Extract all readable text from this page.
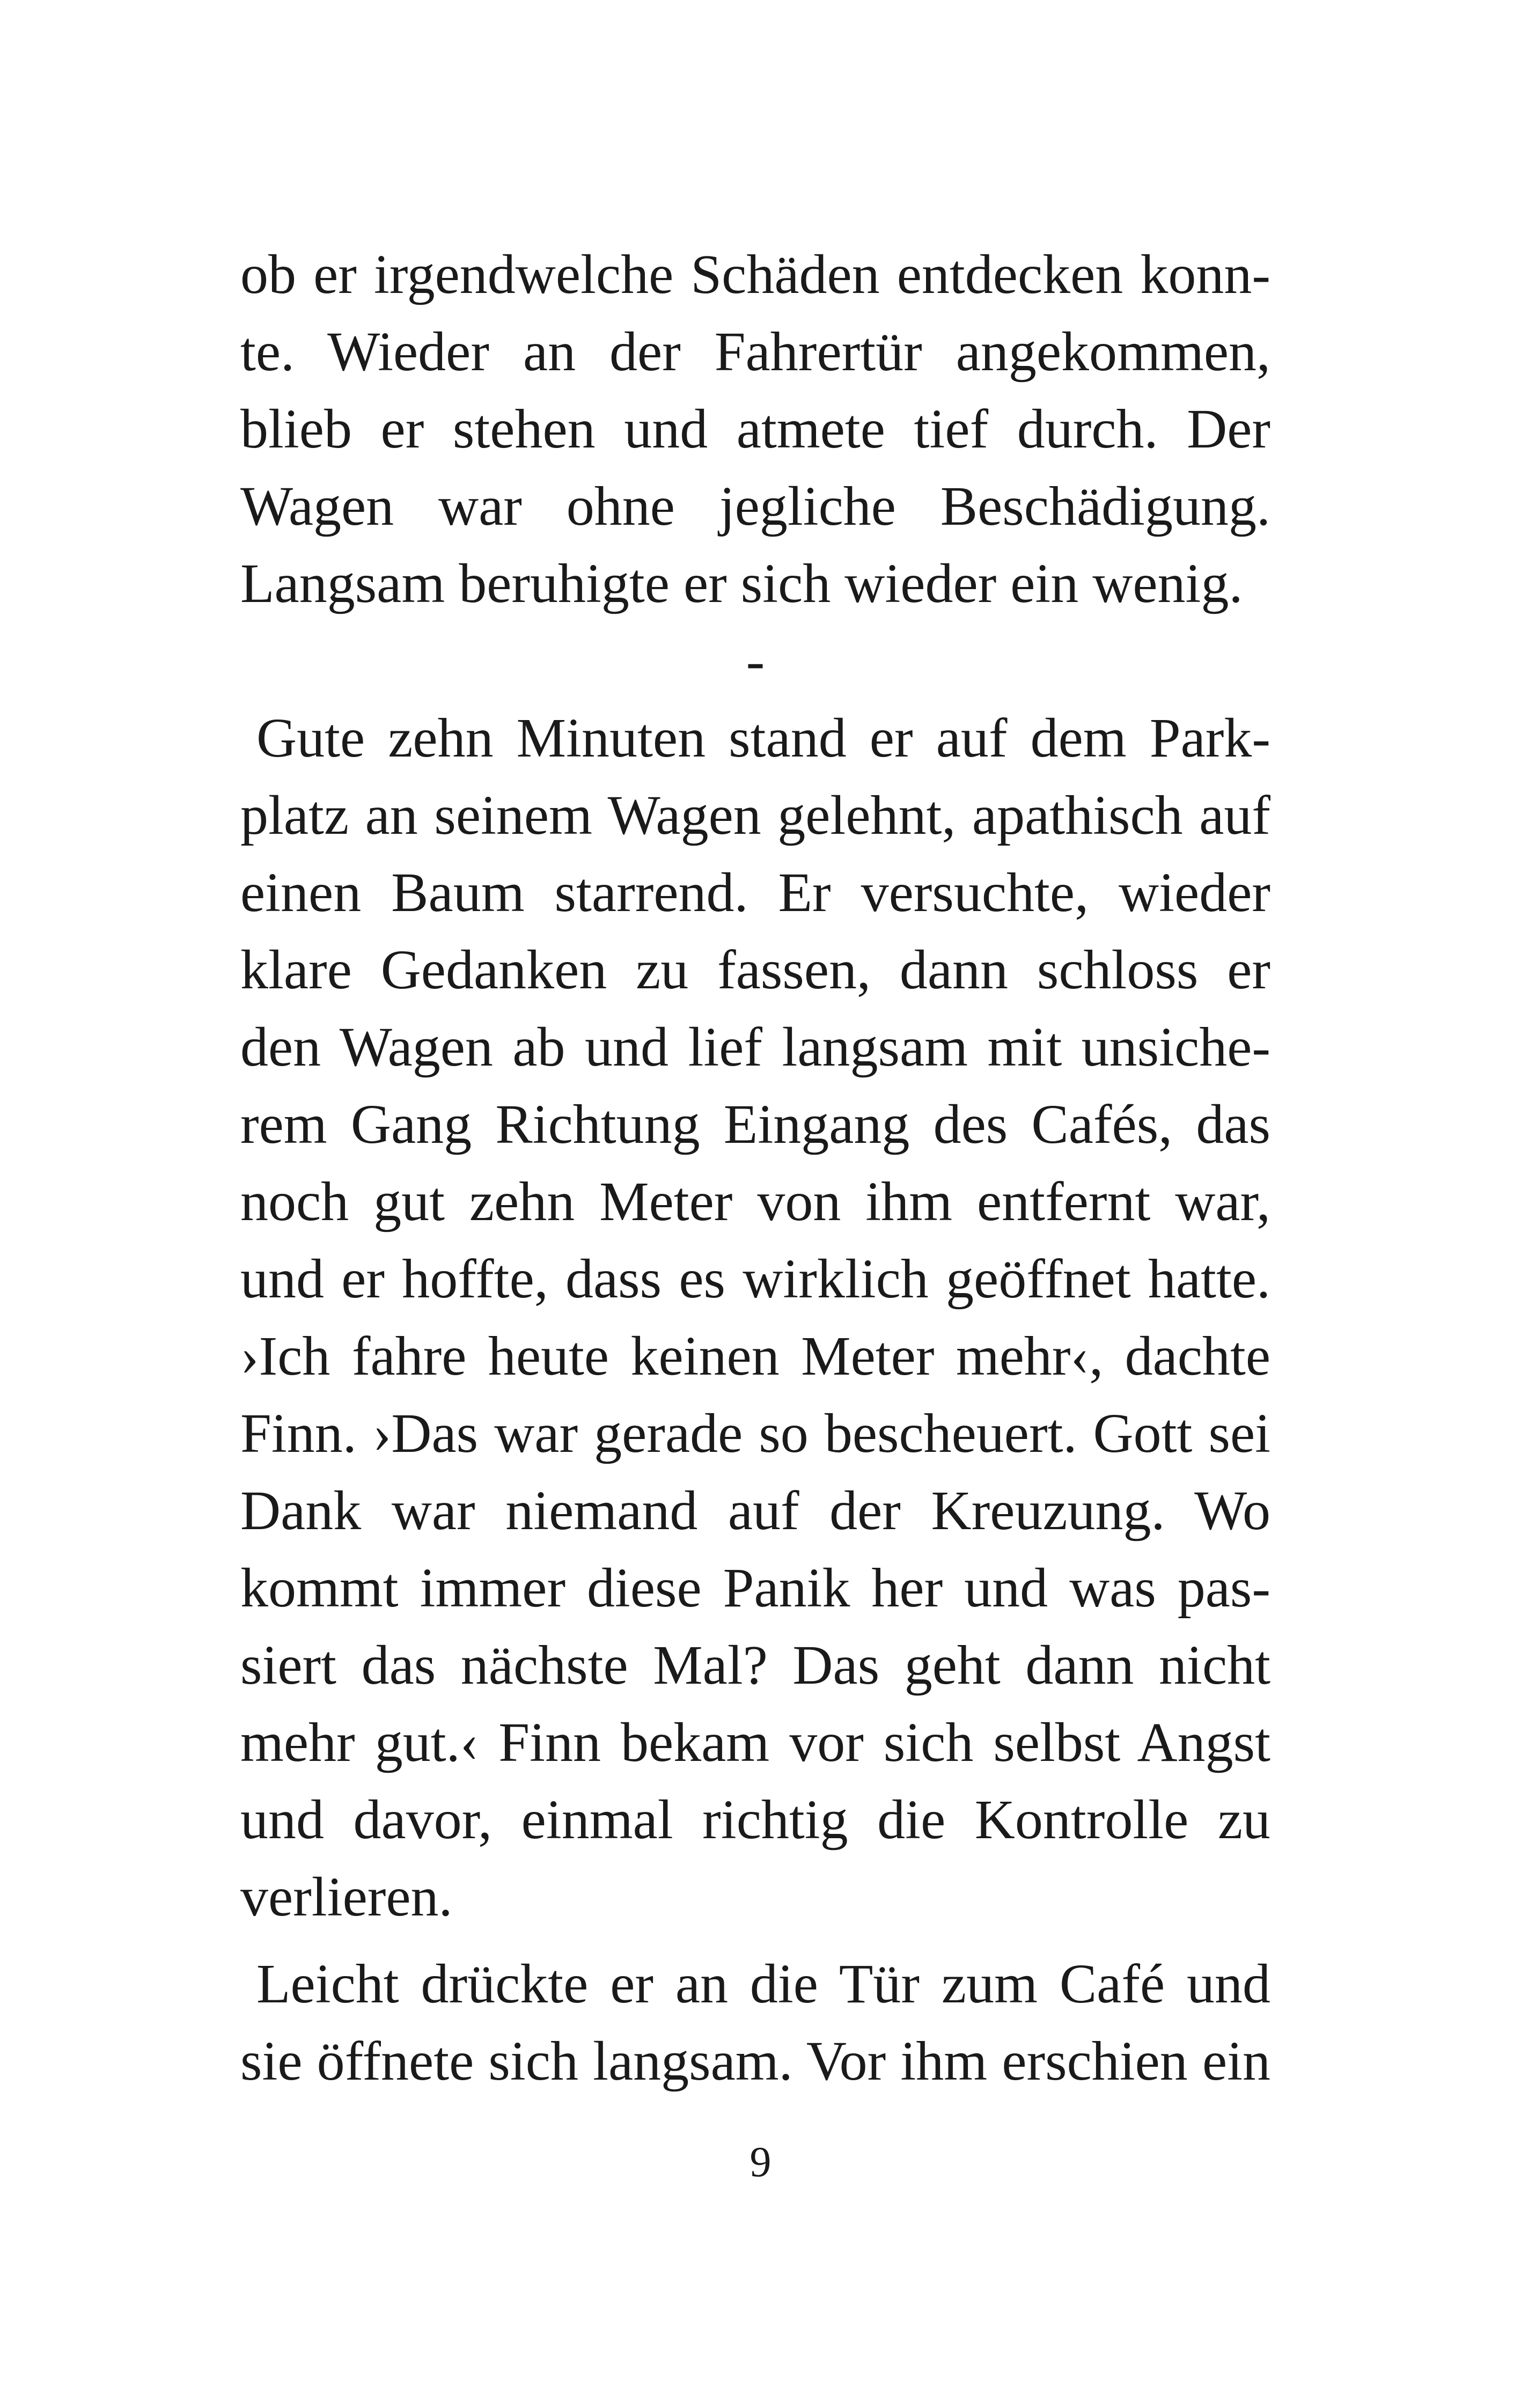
ob er irgendwelche Schäden entdecken konn-
te. Wieder an der Fahrertür angekommen,
blieb er stehen und atmete tief durch. Der
Wagen war ohne jegliche Beschädigung.
Langsam beruhigte er sich wieder ein wenig.
-
Gute zehn Minuten stand er auf dem Park-
platz an seinem Wagen gelehnt, apathisch auf
einen Baum starrend. Er versuchte, wieder
klare Gedanken zu fassen, dann schloss er
den Wagen ab und lief langsam mit unsiche-
rem Gang Richtung Eingang des Cafés, das
noch gut zehn Meter von ihm entfernt war,
und er hoffte, dass es wirklich geöffnet hatte.
›Ich fahre heute keinen Meter mehr‹, dachte
Finn. ›Das war gerade so bescheuert. Gott sei
Dank war niemand auf der Kreuzung. Wo
kommt immer diese Panik her und was pas-
siert das nächste Mal? Das geht dann nicht
mehr gut.‹ Finn bekam vor sich selbst Angst
und davor, einmal richtig die Kontrolle zu
verlieren.
Leicht drückte er an die Tür zum Café und
sie öffnete sich langsam. Vor ihm erschien ein
9
